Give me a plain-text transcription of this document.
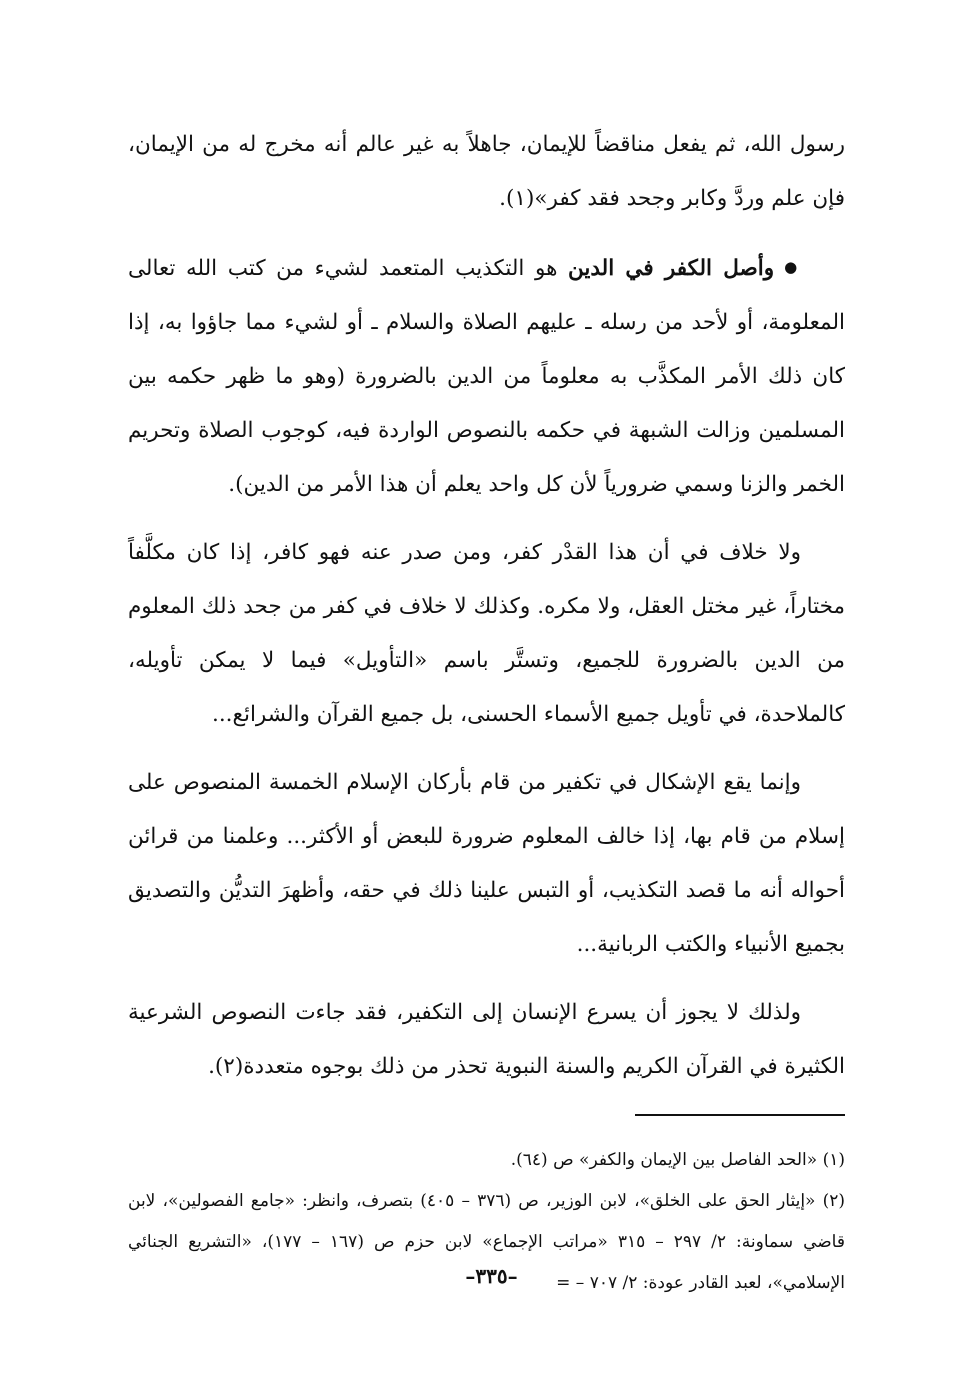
رسول الله، ثم يفعل مناقضاً للإيمان، جاهلاً به غير عالم أنه مخرج له من الإيمان، فإن علم وردَّ وكابر وجحد فقد كفر»(١).

●وأصل الكفر في الدين هو التكذيب المتعمد لشيء من كتب الله تعالى المعلومة، أو لأحد من رسله ـ عليهم الصلاة والسلام ـ أو لشيء مما جاؤوا به، إذا كان ذلك الأمر المكذَّب به معلوماً من الدين بالضرورة (وهو ما ظهر حكمه بين المسلمين وزالت الشبهة في حكمه بالنصوص الواردة فيه، كوجوب الصلاة وتحريم الخمر والزنا وسمي ضرورياً لأن كل واحد يعلم أن هذا الأمر من الدين).

ولا خلاف في أن هذا القدْر كفر، ومن صدر عنه فهو كافر، إذا كان مكلَّفاً مختاراً، غير مختل العقل، ولا مكره. وكذلك لا خلاف في كفر من جحد ذلك المعلوم من الدين بالضرورة للجميع، وتستَّر باسم «التأويل» فيما لا يمكن تأويله، كالملاحدة، في تأويل جميع الأسماء الحسنى، بل جميع القرآن والشرائع...

وإنما يقع الإشكال في تكفير من قام بأركان الإسلام الخمسة المنصوص على إسلام من قام بها، إذا خالف المعلوم ضرورة للبعض أو الأكثر... وعلمنا من قرائن أحواله أنه ما قصد التكذيب، أو التبس علينا ذلك في حقه، وأظهرَ التديُّن والتصديق بجميع الأنبياء والكتب الربانية...

ولذلك لا يجوز أن يسرع الإنسان إلى التكفير، فقد جاءت النصوص الشرعية الكثيرة في القرآن الكريم والسنة النبوية تحذر من ذلك بوجوه متعددة(٢).

(١) «الحد الفاصل بين الإيمان والكفر» ص (٦٤).

(٢) «إيثار الحق على الخلق»، لابن الوزير، ص (٣٧٦ – ٤٠٥) بتصرف، وانظر: «جامع الفصولين»، لابن قاضي سماونة: ٢/ ٢٩٧ – ٣١٥ «مراتب الإجماع» لابن حزم ص (١٦٧ – ١٧٧)، «التشريع الجنائي الإسلامي»، لعبد القادر عودة: ٢/ ٧٠٧ – =

–٣٣٥–
